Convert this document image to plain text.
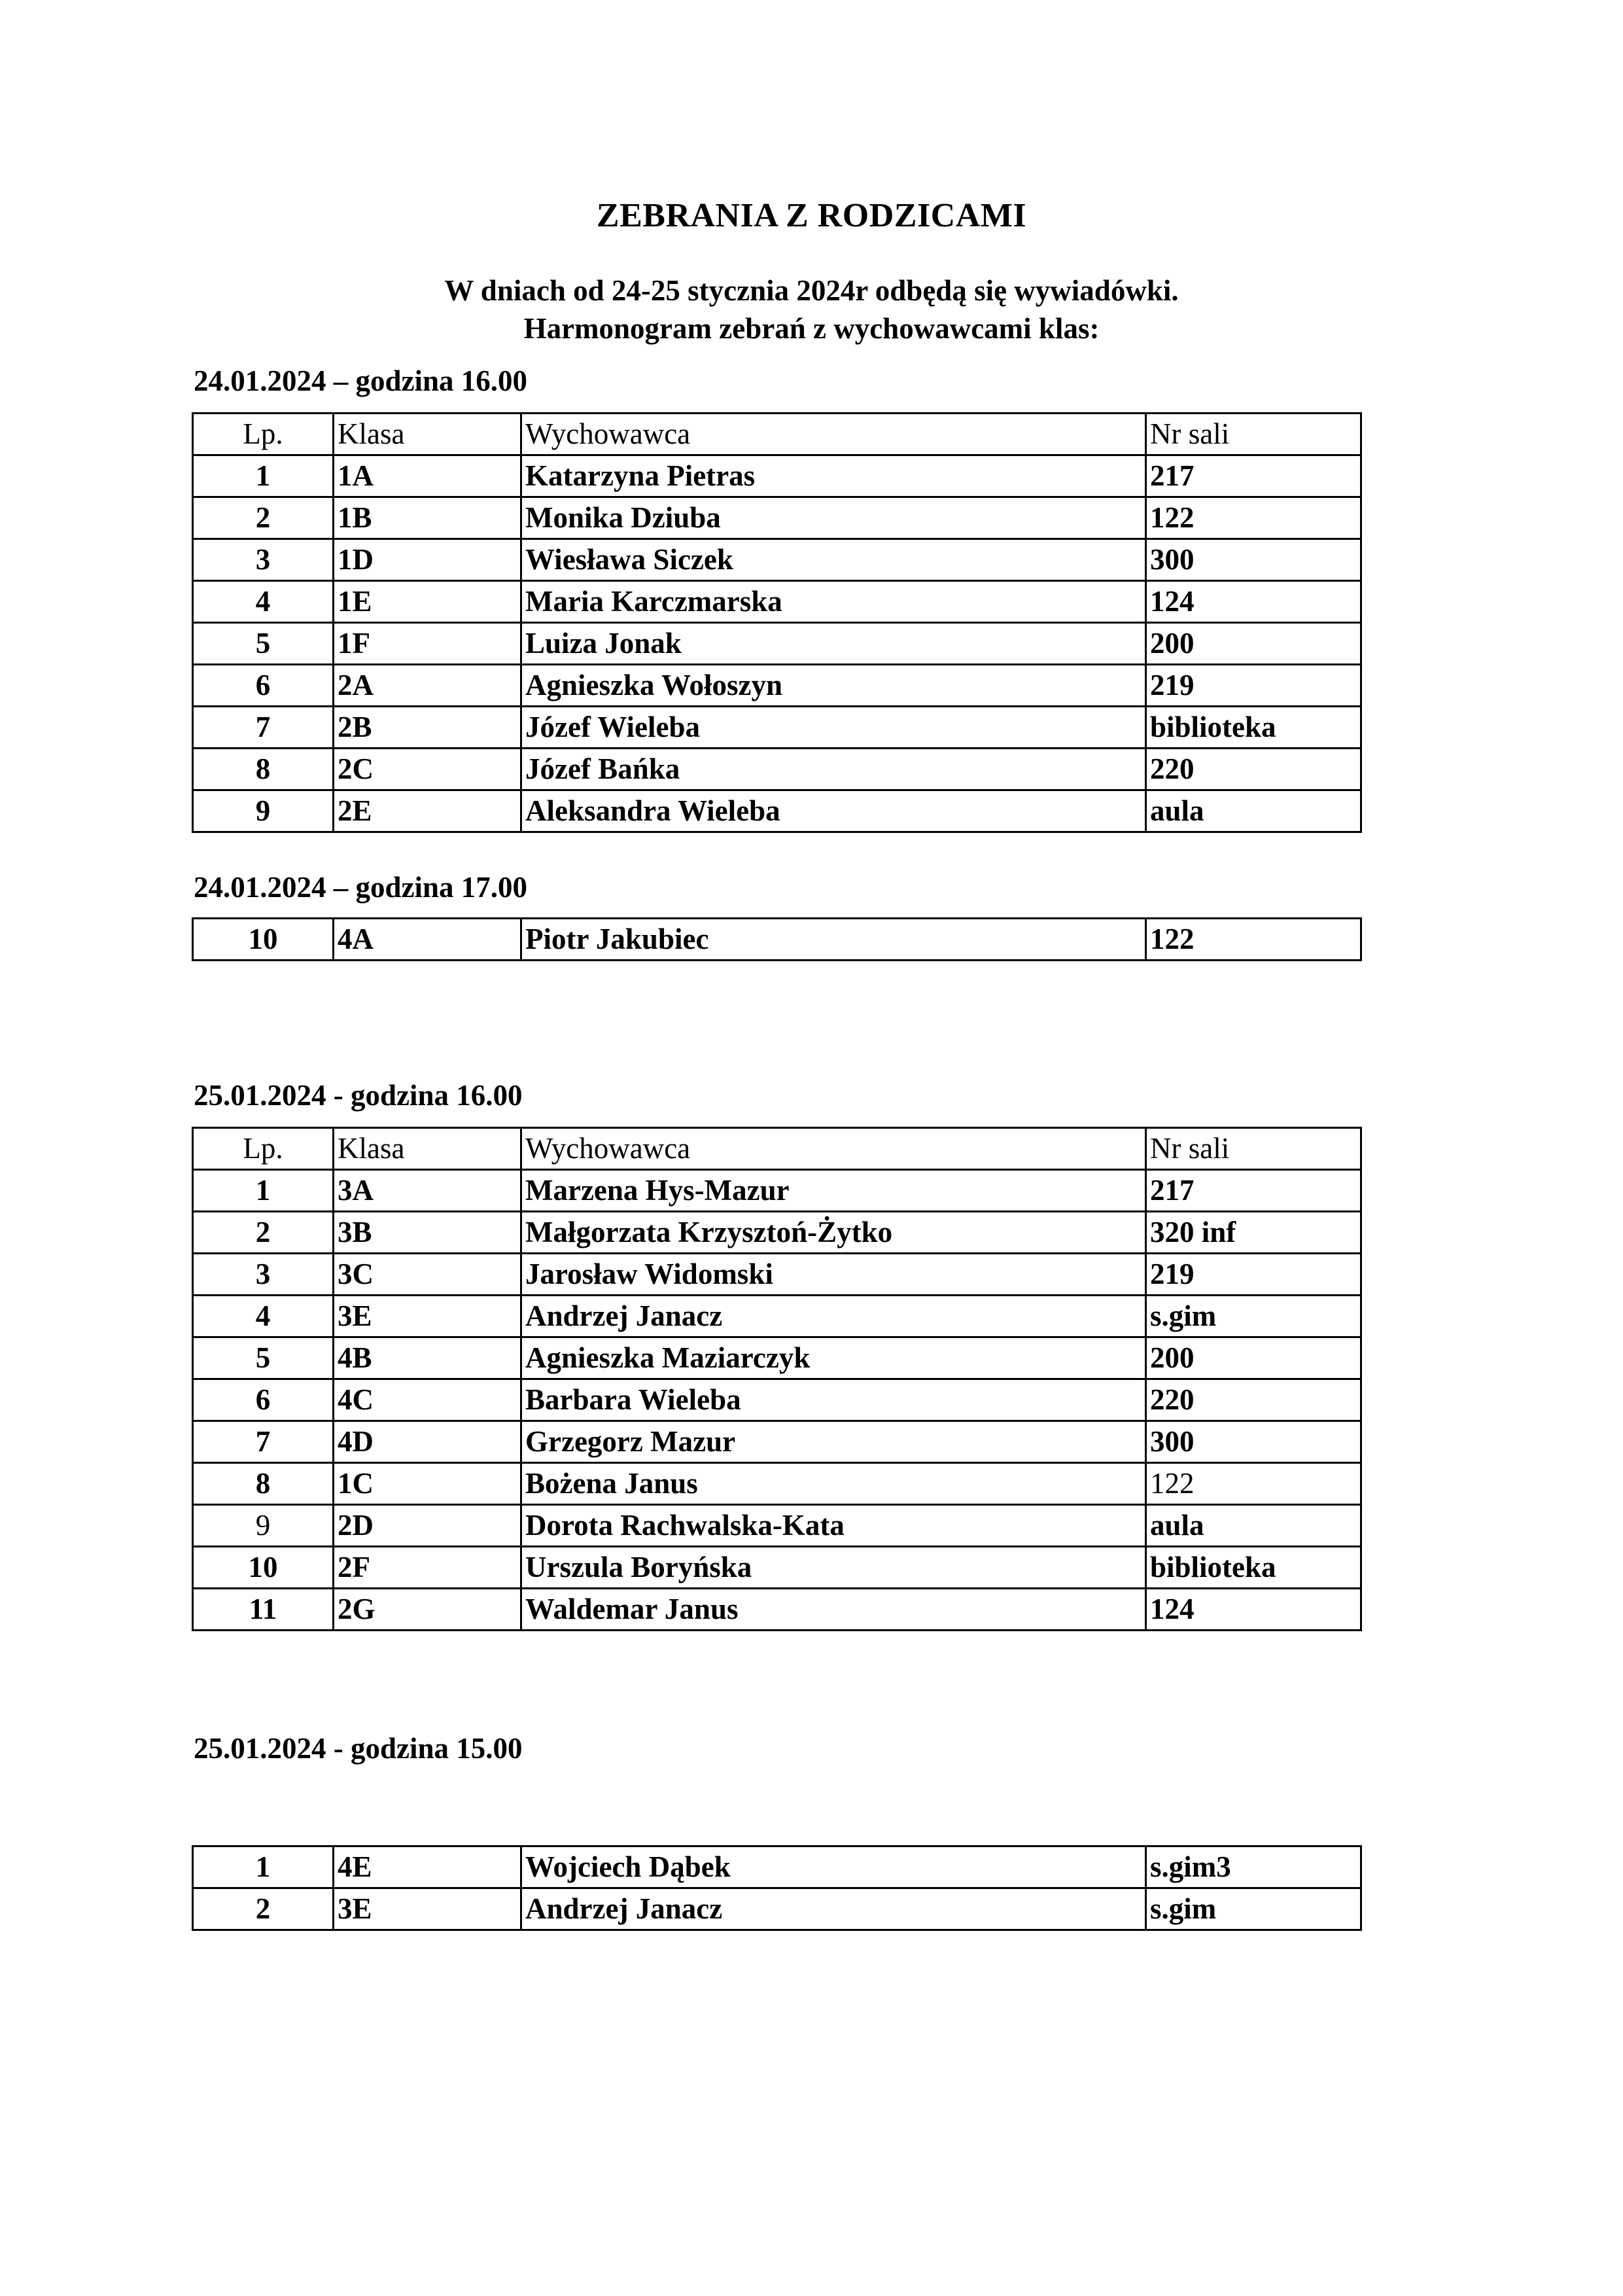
ZEBRANIA Z RODZICAMI
W dniach od 24-25 stycznia 2024r odbędą się wywiadówki.
Harmonogram zebrań z wychowawcami klas:
24.01.2024 – godzina 16.00
Lp.	Klasa	Wychowawca	Nr sali
1	1A	Katarzyna Pietras	217
2	1B	Monika Dziuba	122
3	1D	Wiesława Siczek	300
4	1E	Maria Karczmarska	124
5	1F	Luiza Jonak	200
6	2A	Agnieszka Wołoszyn	219
7	2B	Józef Wieleba	biblioteka
8	2C	Józef Bańka	220
9	2E	Aleksandra Wieleba	aula
24.01.2024 – godzina 17.00
10	4A	Piotr Jakubiec	122
25.01.2024 - godzina 16.00
Lp.	Klasa	Wychowawca	Nr sali
1	3A	Marzena Hys-Mazur	217
2	3B	Małgorzata Krzysztoń-Żytko	320 inf
3	3C	Jarosław Widomski	219
4	3E	Andrzej Janacz	s.gim
5	4B	Agnieszka Maziarczyk	200
6	4C	Barbara Wieleba	220
7	4D	Grzegorz Mazur	300
8	1C	Bożena Janus	122
9	2D	Dorota Rachwalska-Kata	aula
10	2F	Urszula Boryńska	biblioteka
11	2G	Waldemar Janus	124
25.01.2024 - godzina 15.00
1	4E	Wojciech Dąbek	s.gim3
2	3E	Andrzej Janacz	s.gim
